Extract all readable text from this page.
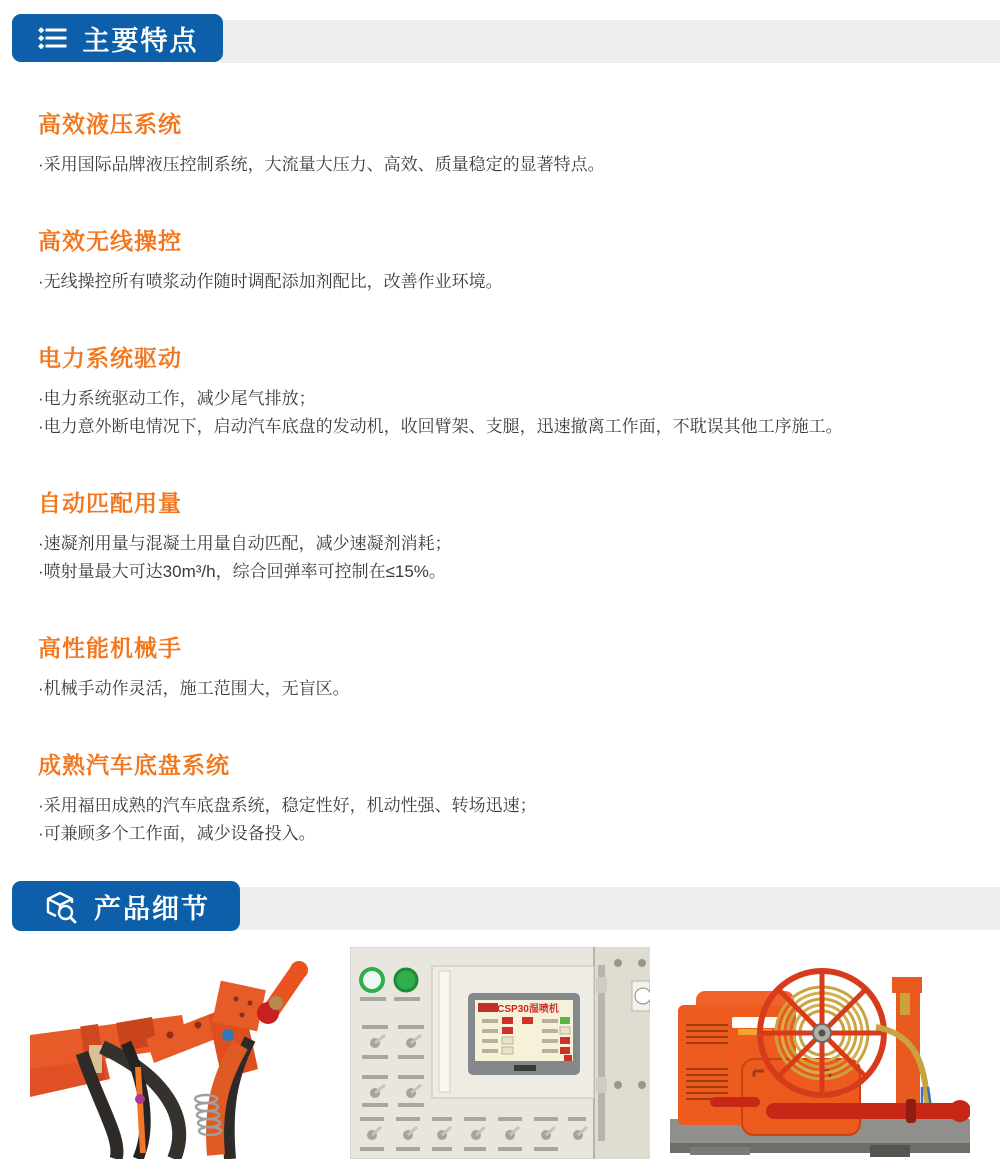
主要特点
高效液压系统

·采用国际品牌液压控制系统，大流量大压力、高效、质量稳定的显著特点。

高效无线操控

·无线操控所有喷浆动作随时调配添加剂配比，改善作业环境。

电力系统驱动

·电力系统驱动工作，减少尾气排放；

·电力意外断电情况下，启动汽车底盘的发动机，收回臂架、支腿，迅速撤离工作面，不耽误其他工序施工。

自动匹配用量

·速凝剂用量与混凝土用量自动匹配，减少速凝剂消耗；

·喷射量最大可达30m³/h，综合回弹率可控制在≤15%。

高性能机械手

·机械手动作灵活，施工范围大，无盲区。

成熟汽车底盘系统

·采用福田成熟的汽车底盘系统，稳定性好，机动性强、转场迅速；

·可兼顾多个工作面，减少设备投入。

产品细节
CSP30湿喷机
